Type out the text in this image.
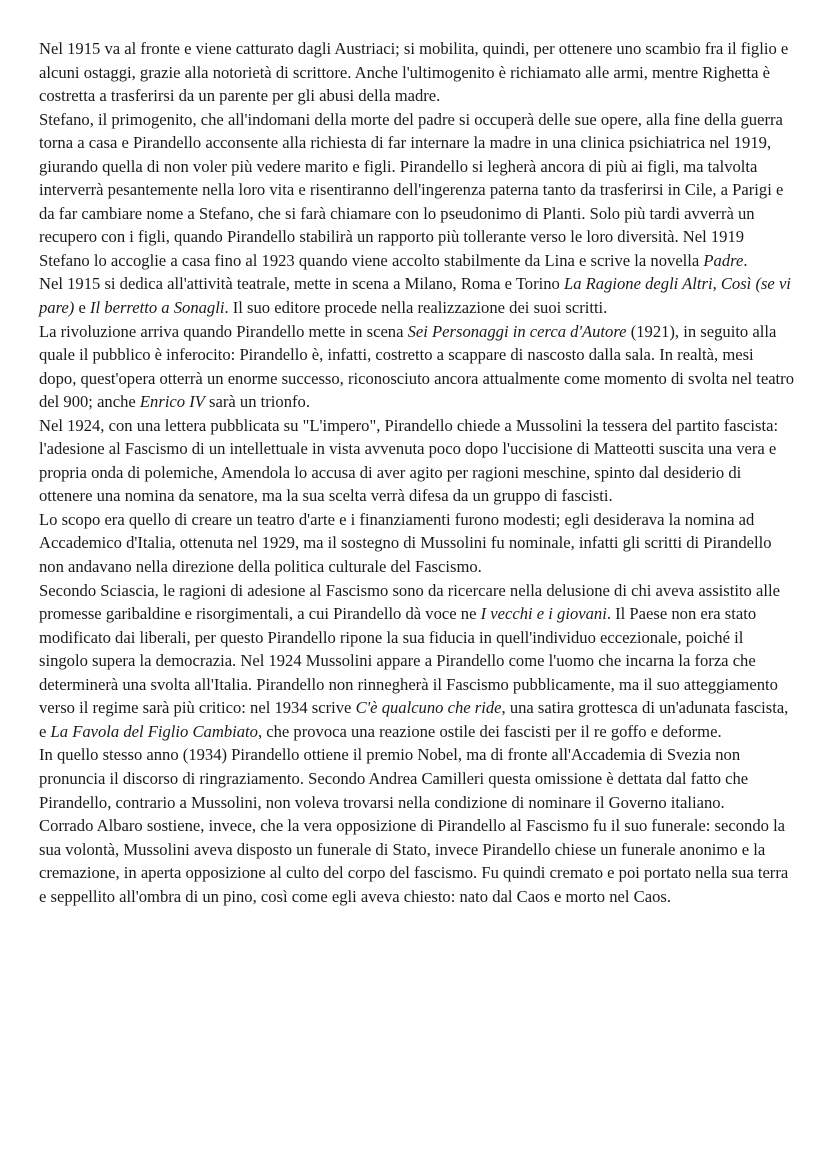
Nel 1915 va al fronte e viene catturato dagli Austriaci; si mobilita, quindi, per ottenere uno scambio fra il figlio e alcuni ostaggi, grazie alla notorietà di scrittore. Anche l'ultimogenito è richiamato alle armi, mentre Righetta è costretta a trasferirsi da un parente per gli abusi della madre.

Stefano, il primogenito, che all'indomani della morte del padre si occuperà delle sue opere, alla fine della guerra torna a casa e Pirandello acconsente alla richiesta di far internare la madre in una clinica psichiatrica nel 1919, giurando quella di non voler più vedere marito e figli. Pirandello si legherà ancora di più ai figli, ma talvolta interverrà pesantemente nella loro vita e risentiranno dell'ingerenza paterna tanto da trasferirsi in Cile, a Parigi e da far cambiare nome a Stefano, che si farà chiamare con lo pseudonimo di Planti. Solo più tardi avverrà un recupero con i figli, quando Pirandello stabilirà un rapporto più tollerante verso le loro diversità. Nel 1919 Stefano lo accoglie a casa fino al 1923 quando viene accolto stabilmente da Lina e scrive la novella Padre.

Nel 1915 si dedica all'attività teatrale, mette in scena a Milano, Roma e Torino La Ragione degli Altri, Così (se vi pare) e Il berretto a Sonagli. Il suo editore procede nella realizzazione dei suoi scritti.

La rivoluzione arriva quando Pirandello mette in scena Sei Personaggi in cerca d'Autore (1921), in seguito alla quale il pubblico è inferocito: Pirandello è, infatti, costretto a scappare di nascosto dalla sala. In realtà, mesi dopo, quest'opera otterrà un enorme successo, riconosciuto ancora attualmente come momento di svolta nel teatro del 900; anche Enrico IV sarà un trionfo.

Nel 1924, con una lettera pubblicata su "L'impero", Pirandello chiede a Mussolini la tessera del partito fascista: l'adesione al Fascismo di un intellettuale in vista avvenuta poco dopo l'uccisione di Matteotti suscita una vera e propria onda di polemiche, Amendola lo accusa di aver agito per ragioni meschine, spinto dal desiderio di ottenere una nomina da senatore, ma la sua scelta verrà difesa da un gruppo di fascisti.

Lo scopo era quello di creare un teatro d'arte e i finanziamenti furono modesti; egli desiderava la nomina ad Accademico d'Italia, ottenuta nel 1929, ma il sostegno di Mussolini fu nominale, infatti gli scritti di Pirandello non andavano nella direzione della politica culturale del Fascismo.

Secondo Sciascia, le ragioni di adesione al Fascismo sono da ricercare nella delusione di chi aveva assistito alle promesse garibaldine e risorgimentali, a cui Pirandello dà voce ne I vecchi e i giovani. Il Paese non era stato modificato dai liberali, per questo Pirandello ripone la sua fiducia in quell'individuo eccezionale, poiché il singolo supera la democrazia. Nel 1924 Mussolini appare a Pirandello come l'uomo che incarna la forza che determinerà una svolta all'Italia. Pirandello non rinnegherà il Fascismo pubblicamente, ma il suo atteggiamento verso il regime sarà più critico: nel 1934 scrive C'è qualcuno che ride, una satira grottesca di un'adunata fascista, e La Favola del Figlio Cambiato, che provoca una reazione ostile dei fascisti per il re goffo e deforme.

In quello stesso anno (1934) Pirandello ottiene il premio Nobel, ma di fronte all'Accademia di Svezia non pronuncia il discorso di ringraziamento. Secondo Andrea Camilleri questa omissione è dettata dal fatto che Pirandello, contrario a Mussolini, non voleva trovarsi nella condizione di nominare il Governo italiano.

Corrado Albaro sostiene, invece, che la vera opposizione di Pirandello al Fascismo fu il suo funerale: secondo la sua volontà, Mussolini aveva disposto un funerale di Stato, invece Pirandello chiese un funerale anonimo e la cremazione, in aperta opposizione al culto del corpo del fascismo. Fu quindi cremato e poi portato nella sua terra e seppellito all'ombra di un pino, così come egli aveva chiesto: nato dal Caos e morto nel Caos.
